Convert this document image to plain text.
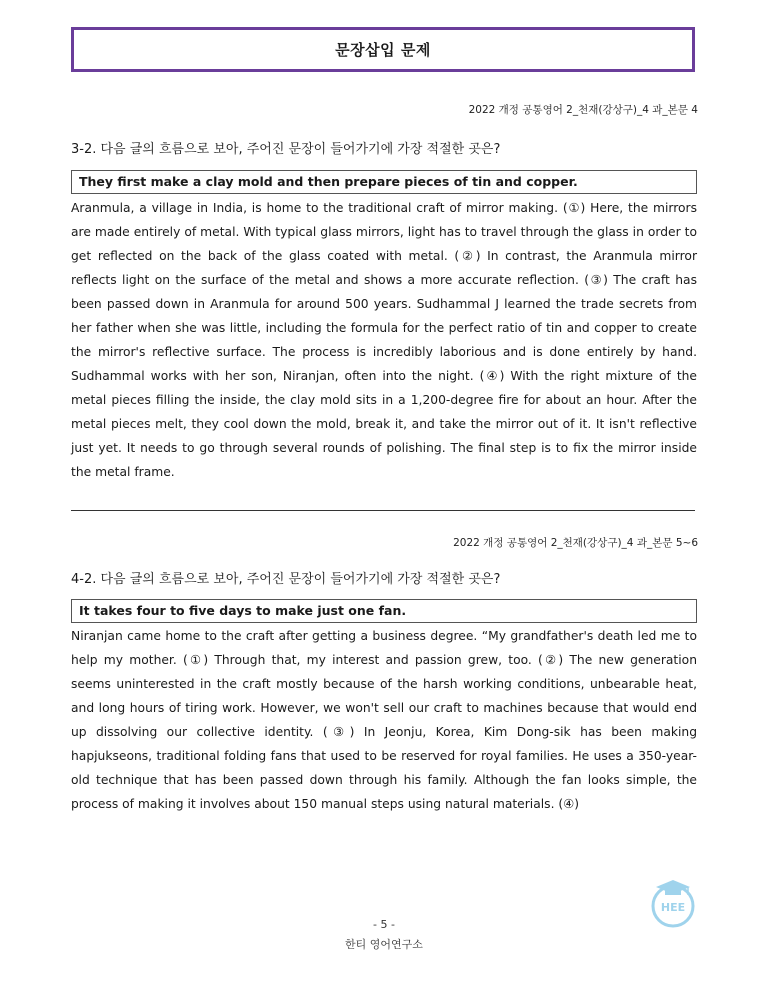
문장삽입 문제
2022 개정 공통영어 2_천재(강상구)_4 과_본문 4
3-2. 다음 글의 흐름으로 보아, 주어진 문장이 들어가기에 가장 적절한 곳은?
They first make a clay mold and then prepare pieces of tin and copper.

Aranmula, a village in India, is home to the traditional craft of mirror making. (①) Here, the mirrors are made entirely of metal. With typical glass mirrors, light has to travel through the glass in order to get reflected on the back of the glass coated with metal. (②) In contrast, the Aranmula mirror reflects light on the surface of the metal and shows a more accurate reflection. (③) The craft has been passed down in Aranmula for around 500 years. Sudhammal J learned the trade secrets from her father when she was little, including the formula for the perfect ratio of tin and copper to create the mirror's reflective surface. The process is incredibly laborious and is done entirely by hand. Sudhammal works with her son, Niranjan, often into the night. (④) With the right mixture of the metal pieces filling the inside, the clay mold sits in a 1,200-degree fire for about an hour. After the metal pieces melt, they cool down the mold, break it, and take the mirror out of it. It isn't reflective just yet. It needs to go through several rounds of polishing. The final step is to fix the mirror inside the metal frame.

2022 개정 공통영어 2_천재(강상구)_4 과_본문 5~6
4-2. 다음 글의 흐름으로 보아, 주어진 문장이 들어가기에 가장 적절한 곳은?
It takes four to five days to make just one fan.

Niranjan came home to the craft after getting a business degree. “My grandfather's death led me to help my mother. (①) Through that, my interest and passion grew, too. (②) The new generation seems uninterested in the craft mostly because of the harsh working conditions, unbearable heat, and long hours of tiring work. However, we won't sell our craft to machines because that would end up dissolving our collective identity. (③) In Jeonju, Korea, Kim Dong-sik has been making hapjukseons, traditional folding fans that used to be reserved for royal families. He uses a 350-year-old technique that has been passed down through his family. Although the fan looks simple, the process of making it involves about 150 manual steps using natural materials. (④)

HEE
- 5 -
한티 영어연구소
